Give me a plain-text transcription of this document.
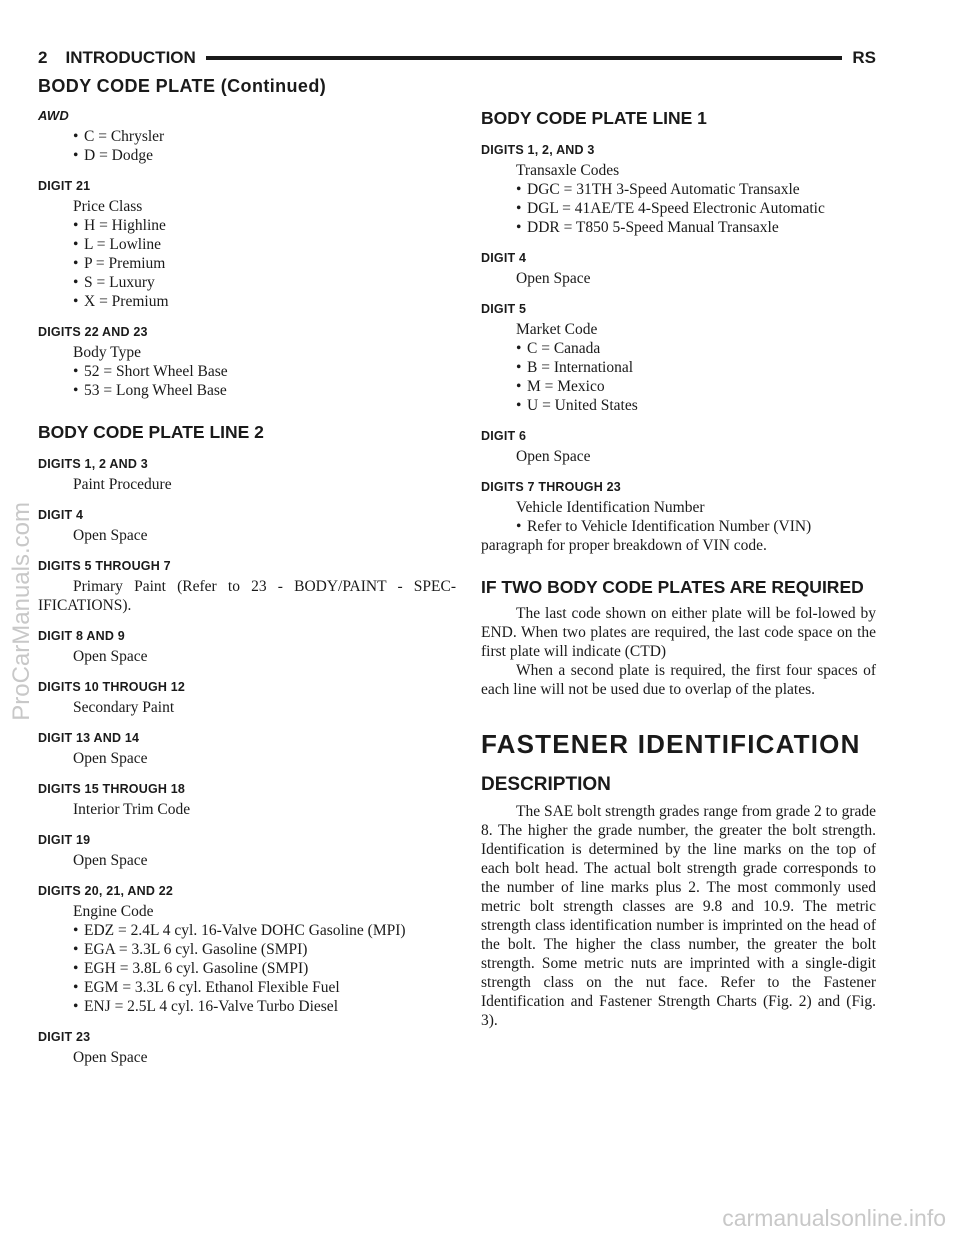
2 INTRODUCTION	RS
BODY CODE PLATE (Continued)
AWD
• C = Chrysler
• D = Dodge
DIGIT 21
Price Class
• H = Highline
• L = Lowline
• P = Premium
• S = Luxury
• X = Premium
DIGITS 22 AND 23
Body Type
• 52 = Short Wheel Base
• 53 = Long Wheel Base
BODY CODE PLATE LINE 2
DIGITS 1, 2 AND 3
Paint Procedure
DIGIT 4
Open Space
DIGITS 5 THROUGH 7

Primary Paint (Refer to 23 - BODY/PAINT - SPEC-IFICATIONS).

DIGIT 8 AND 9
Open Space
DIGITS 10 THROUGH 12
Secondary Paint
DIGIT 13 AND 14
Open Space
DIGITS 15 THROUGH 18
Interior Trim Code
DIGIT 19
Open Space
DIGITS 20, 21, AND 22
Engine Code
• EDZ = 2.4L 4 cyl. 16-Valve DOHC Gasoline (MPI)
• EGA = 3.3L 6 cyl. Gasoline (SMPI)
• EGH = 3.8L 6 cyl. Gasoline (SMPI)
• EGM = 3.3L 6 cyl. Ethanol Flexible Fuel
• ENJ = 2.5L 4 cyl. 16-Valve Turbo Diesel
DIGIT 23
Open Space
BODY CODE PLATE LINE 1
DIGITS 1, 2, AND 3
Transaxle Codes
• DGC = 31TH 3-Speed Automatic Transaxle
• DGL = 41AE/TE 4-Speed Electronic Automatic
• DDR = T850 5-Speed Manual Transaxle
DIGIT 4
Open Space
DIGIT 5
Market Code
• C = Canada
• B = International
• M = Mexico
• U = United States
DIGIT 6
Open Space
DIGITS 7 THROUGH 23
Vehicle Identification Number
• Refer to Vehicle Identification Number (VIN) paragraph for proper breakdown of VIN code.
IF TWO BODY CODE PLATES ARE REQUIRED

The last code shown on either plate will be fol-lowed by END. When two plates are required, the last code space on the first plate will indicate (CTD)

When a second plate is required, the first four spaces of each line will not be used due to overlap of the plates.

FASTENER IDENTIFICATION
DESCRIPTION

The SAE bolt strength grades range from grade 2 to grade 8. The higher the grade number, the greater the bolt strength. Identification is determined by the line marks on the top of each bolt head. The actual bolt strength grade corresponds to the number of line marks plus 2. The most commonly used metric bolt strength classes are 9.8 and 10.9. The metric strength class identification number is imprinted on the head of the bolt. The higher the class number, the greater the bolt strength. Some metric nuts are imprinted with a single-digit strength class on the nut face. Refer to the Fastener Identification and Fastener Strength Charts (Fig. 2) and (Fig. 3).

ProCarManuals.com
carmanualsonline.info
